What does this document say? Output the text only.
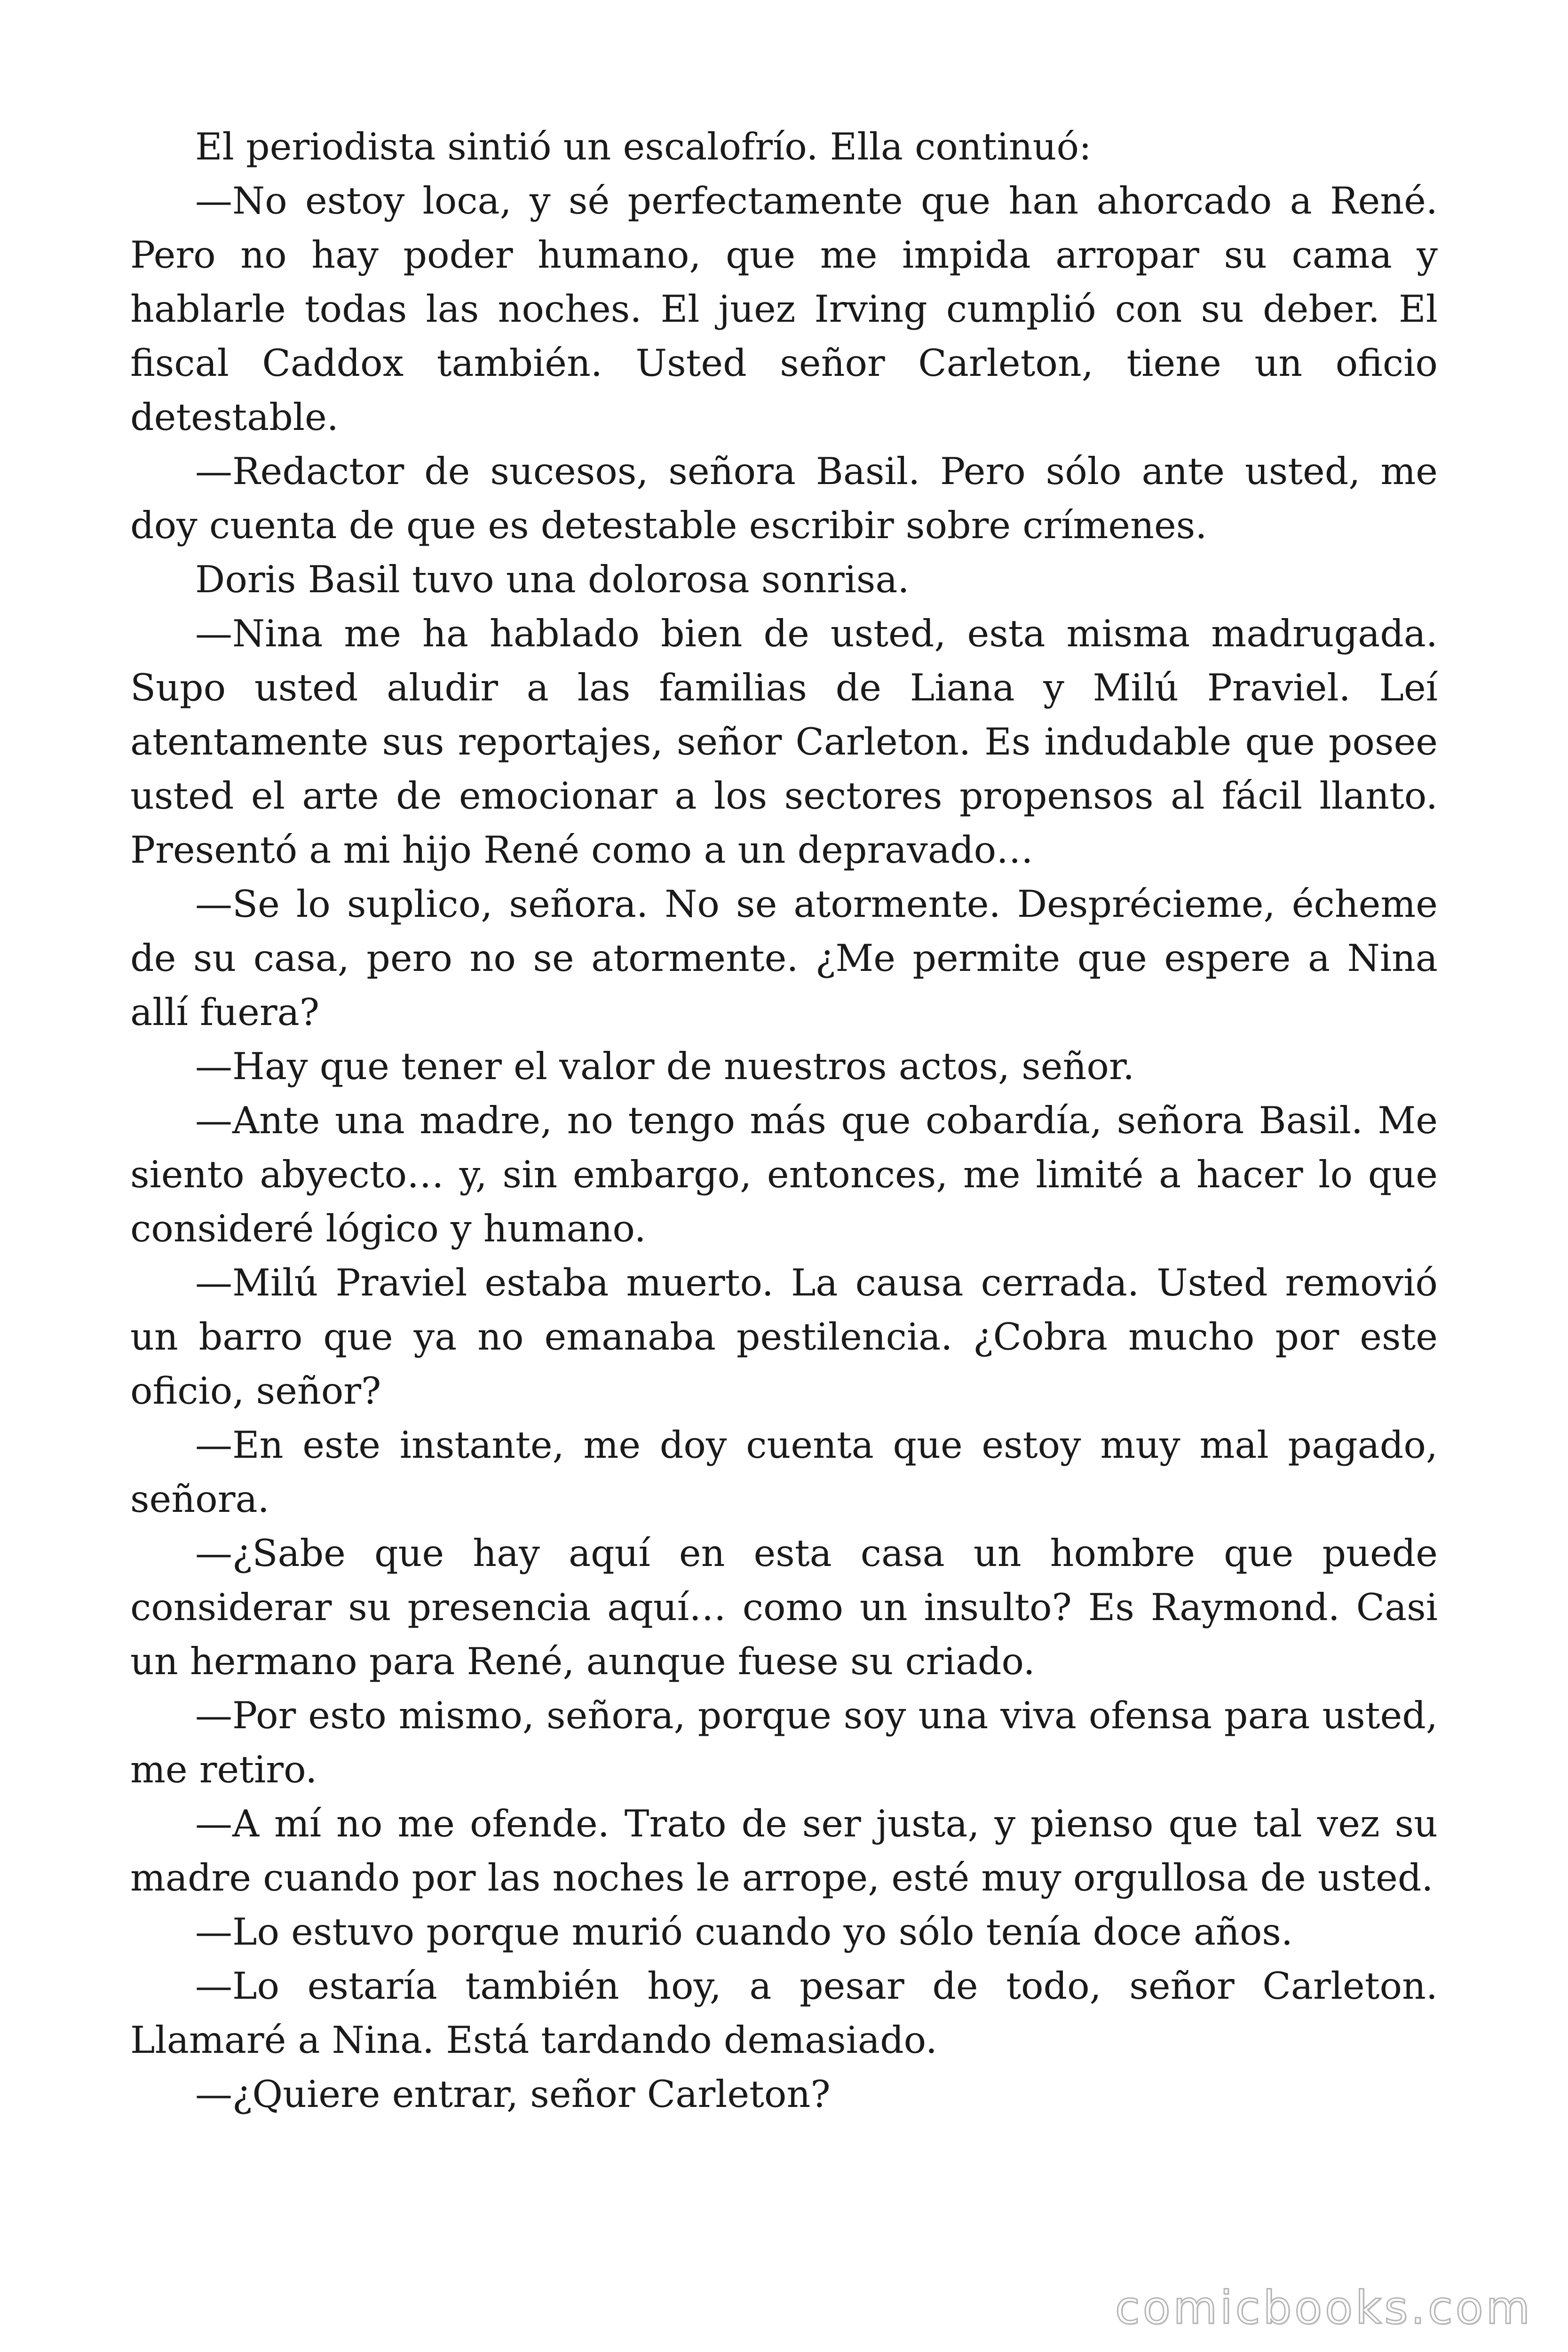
El periodista sintió un escalofrío. Ella continuó:

—No estoy loca, y sé perfectamente que han ahorcado a René. Pero no hay poder humano, que me impida arropar su cama y hablarle todas las noches. El juez Irving cumplió con su deber. El fiscal Caddox también. Usted señor Carleton, tiene un oficio detestable.

—Redactor de sucesos, señora Basil. Pero sólo ante usted, me doy cuenta de que es detestable escribir sobre crímenes.

Doris Basil tuvo una dolorosa sonrisa.

—Nina me ha hablado bien de usted, esta misma madrugada. Supo usted aludir a las familias de Liana y Milú Praviel. Leí atentamente sus reportajes, señor Carleton. Es indudable que posee usted el arte de emocionar a los sectores propensos al fácil llanto. Presentó a mi hijo René como a un depravado…

—Se lo suplico, señora. No se atormente. Desprécieme, écheme de su casa, pero no se atormente. ¿Me permite que espere a Nina allí fuera?

—Hay que tener el valor de nuestros actos, señor.

—Ante una madre, no tengo más que cobardía, señora Basil. Me siento abyecto… y, sin embargo, entonces, me limité a hacer lo que consideré lógico y humano.

—Milú Praviel estaba muerto. La causa cerrada. Usted removió un barro que ya no emanaba pestilencia. ¿Cobra mucho por este oficio, señor?

—En este instante, me doy cuenta que estoy muy mal pagado, señora.

—¿Sabe que hay aquí en esta casa un hombre que puede considerar su presencia aquí… como un insulto? Es Raymond. Casi un hermano para René, aunque fuese su criado.

—Por esto mismo, señora, porque soy una viva ofensa para usted, me retiro.

—A mí no me ofende. Trato de ser justa, y pienso que tal vez su madre cuando por las noches le arrope, esté muy orgullosa de usted.

—Lo estuvo porque murió cuando yo sólo tenía doce años.

—Lo estaría también hoy, a pesar de todo, señor Carleton. Llamaré a Nina. Está tardando demasiado.

—¿Quiere entrar, señor Carleton?

comicbooks.com
